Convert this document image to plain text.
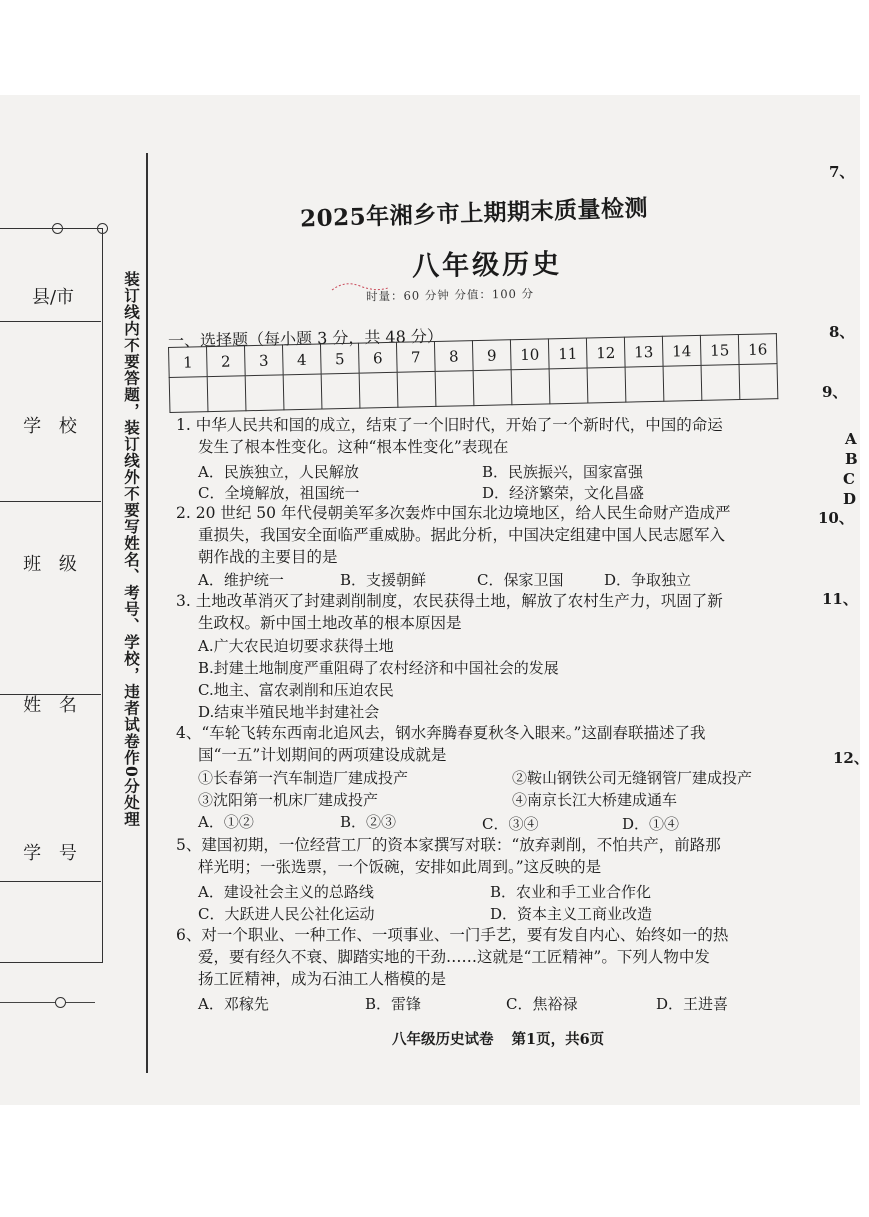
县/市
学 校
班 级
姓 名
学 号
装订线内不要答题，装订线外不要写姓名、考号、学校，违者试卷作0分处理
7、
8、
9、
10、
11、
12、
A
B
C
D
2025年湘乡市上期期末质量检测
八年级历史
时量：60 分钟 分值：100 分
一、选择题（每小题 3 分，共 48 分）
1	2	3	4	5	6	7	8	9	10	11	12	13	14	15	16

1. 中华人民共和国的成立，结束了一个旧时代，开始了一个新时代，中国的命运
发生了根本性变化。这种“根本性变化”表现在
A．民族独立，人民解放	B．民族振兴，国家富强
C．全境解放，祖国统一	D．经济繁荣，文化昌盛
2. 20 世纪 50 年代侵朝美军多次轰炸中国东北边境地区，给人民生命财产造成严
重损失，我国安全面临严重威胁。据此分析，中国决定组建中国人民志愿军入
朝作战的主要目的是
A．维护统一	B．支援朝鲜	C．保家卫国	D．争取独立
3. 土地改革消灭了封建剥削制度，农民获得土地，解放了农村生产力，巩固了新
生政权。新中国土地改革的根本原因是
A.广大农民迫切要求获得土地
B.封建土地制度严重阻碍了农村经济和中国社会的发展
C.地主、富农剥削和压迫农民
D.结束半殖民地半封建社会
4、“车轮飞转东西南北追风去，钢水奔腾春夏秋冬入眼来。”这副春联描述了我
国“一五”计划期间的两项建设成就是
①长春第一汽车制造厂建成投产	②鞍山钢铁公司无缝钢管厂建成投产
③沈阳第一机床厂建成投产	④南京长江大桥建成通车
A．①②	B．②③	C．③④	D．①④
5、建国初期，一位经营工厂的资本家撰写对联：“放弃剥削，不怕共产，前路那
样光明；一张选票，一个饭碗，安排如此周到。”这反映的是
A．建设社会主义的总路线	B．农业和手工业合作化
C．大跃进人民公社化运动	D．资本主义工商业改造
6、对一个职业、一种工作、一项事业、一门手艺，要有发自内心、始终如一的热
爱，要有经久不衰、脚踏实地的干劲……这就是“工匠精神”。下列人物中发
扬工匠精神，成为石油工人楷模的是
A．邓稼先	B．雷锋	C．焦裕禄	D．王进喜
八年级历史试卷 第1页，共6页
